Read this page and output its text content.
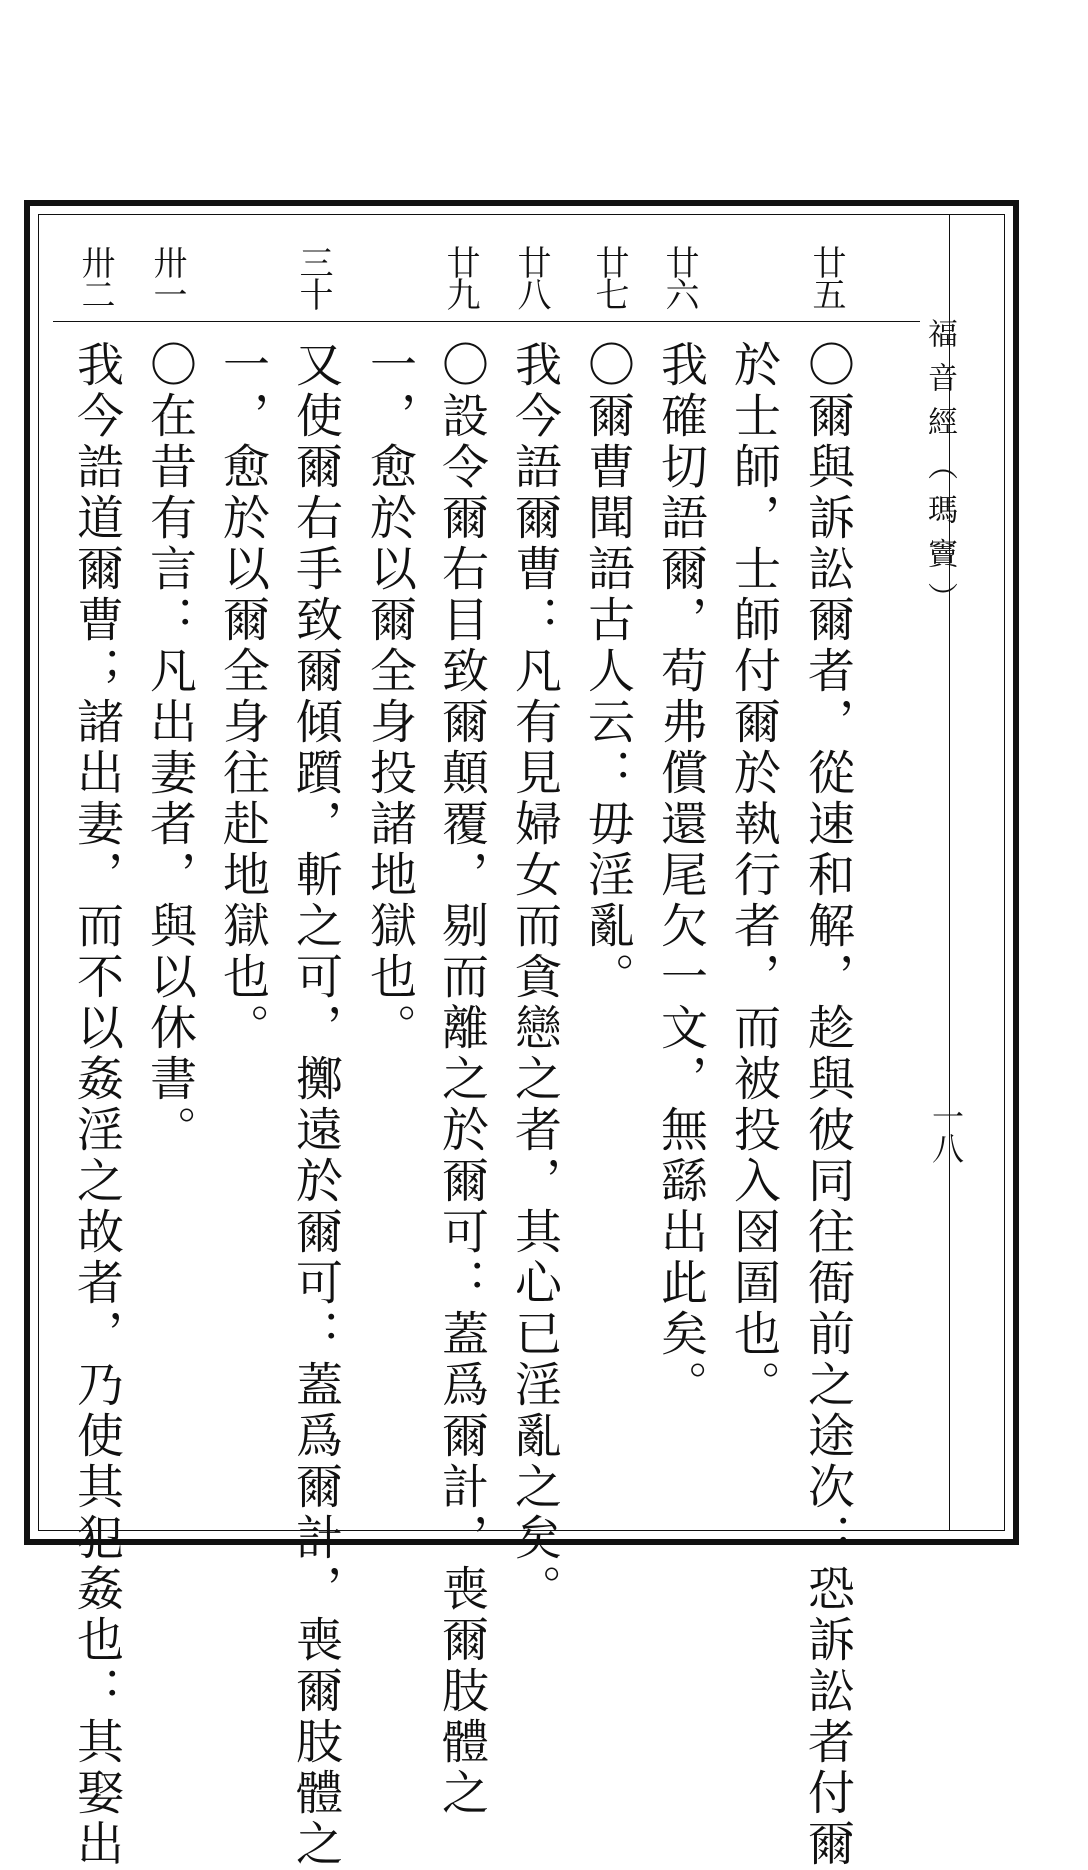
福音經（瑪竇）
一八
廿五
廿六
廿七
廿八
廿九
三十
卅一
卅二
〇爾與訴訟爾者，從速和解，趁與彼同往衙前之途次：恐訴訟者付爾
於士師，士師付爾於執行者，而被投入囹圄也。
我確切語爾，苟弗償還尾欠一文，無繇出此矣。
〇爾曹聞語古人云：毋淫亂。
我今語爾曹：凡有見婦女而貪戀之者，其心已淫亂之矣。
〇設令爾右目致爾顛覆，剔而離之於爾可：蓋爲爾計，喪爾肢體之
一，愈於以爾全身投諸地獄也。
又使爾右手致爾傾躓，斬之可，擲遠於爾可：蓋爲爾計，喪爾肢體之
一，愈於以爾全身往赴地獄也。
〇在昔有言：凡出妻者，與以休書。
我今誥道爾曹；諸出妻，而不以姦淫之故者，乃使其犯姦也：其娶出
